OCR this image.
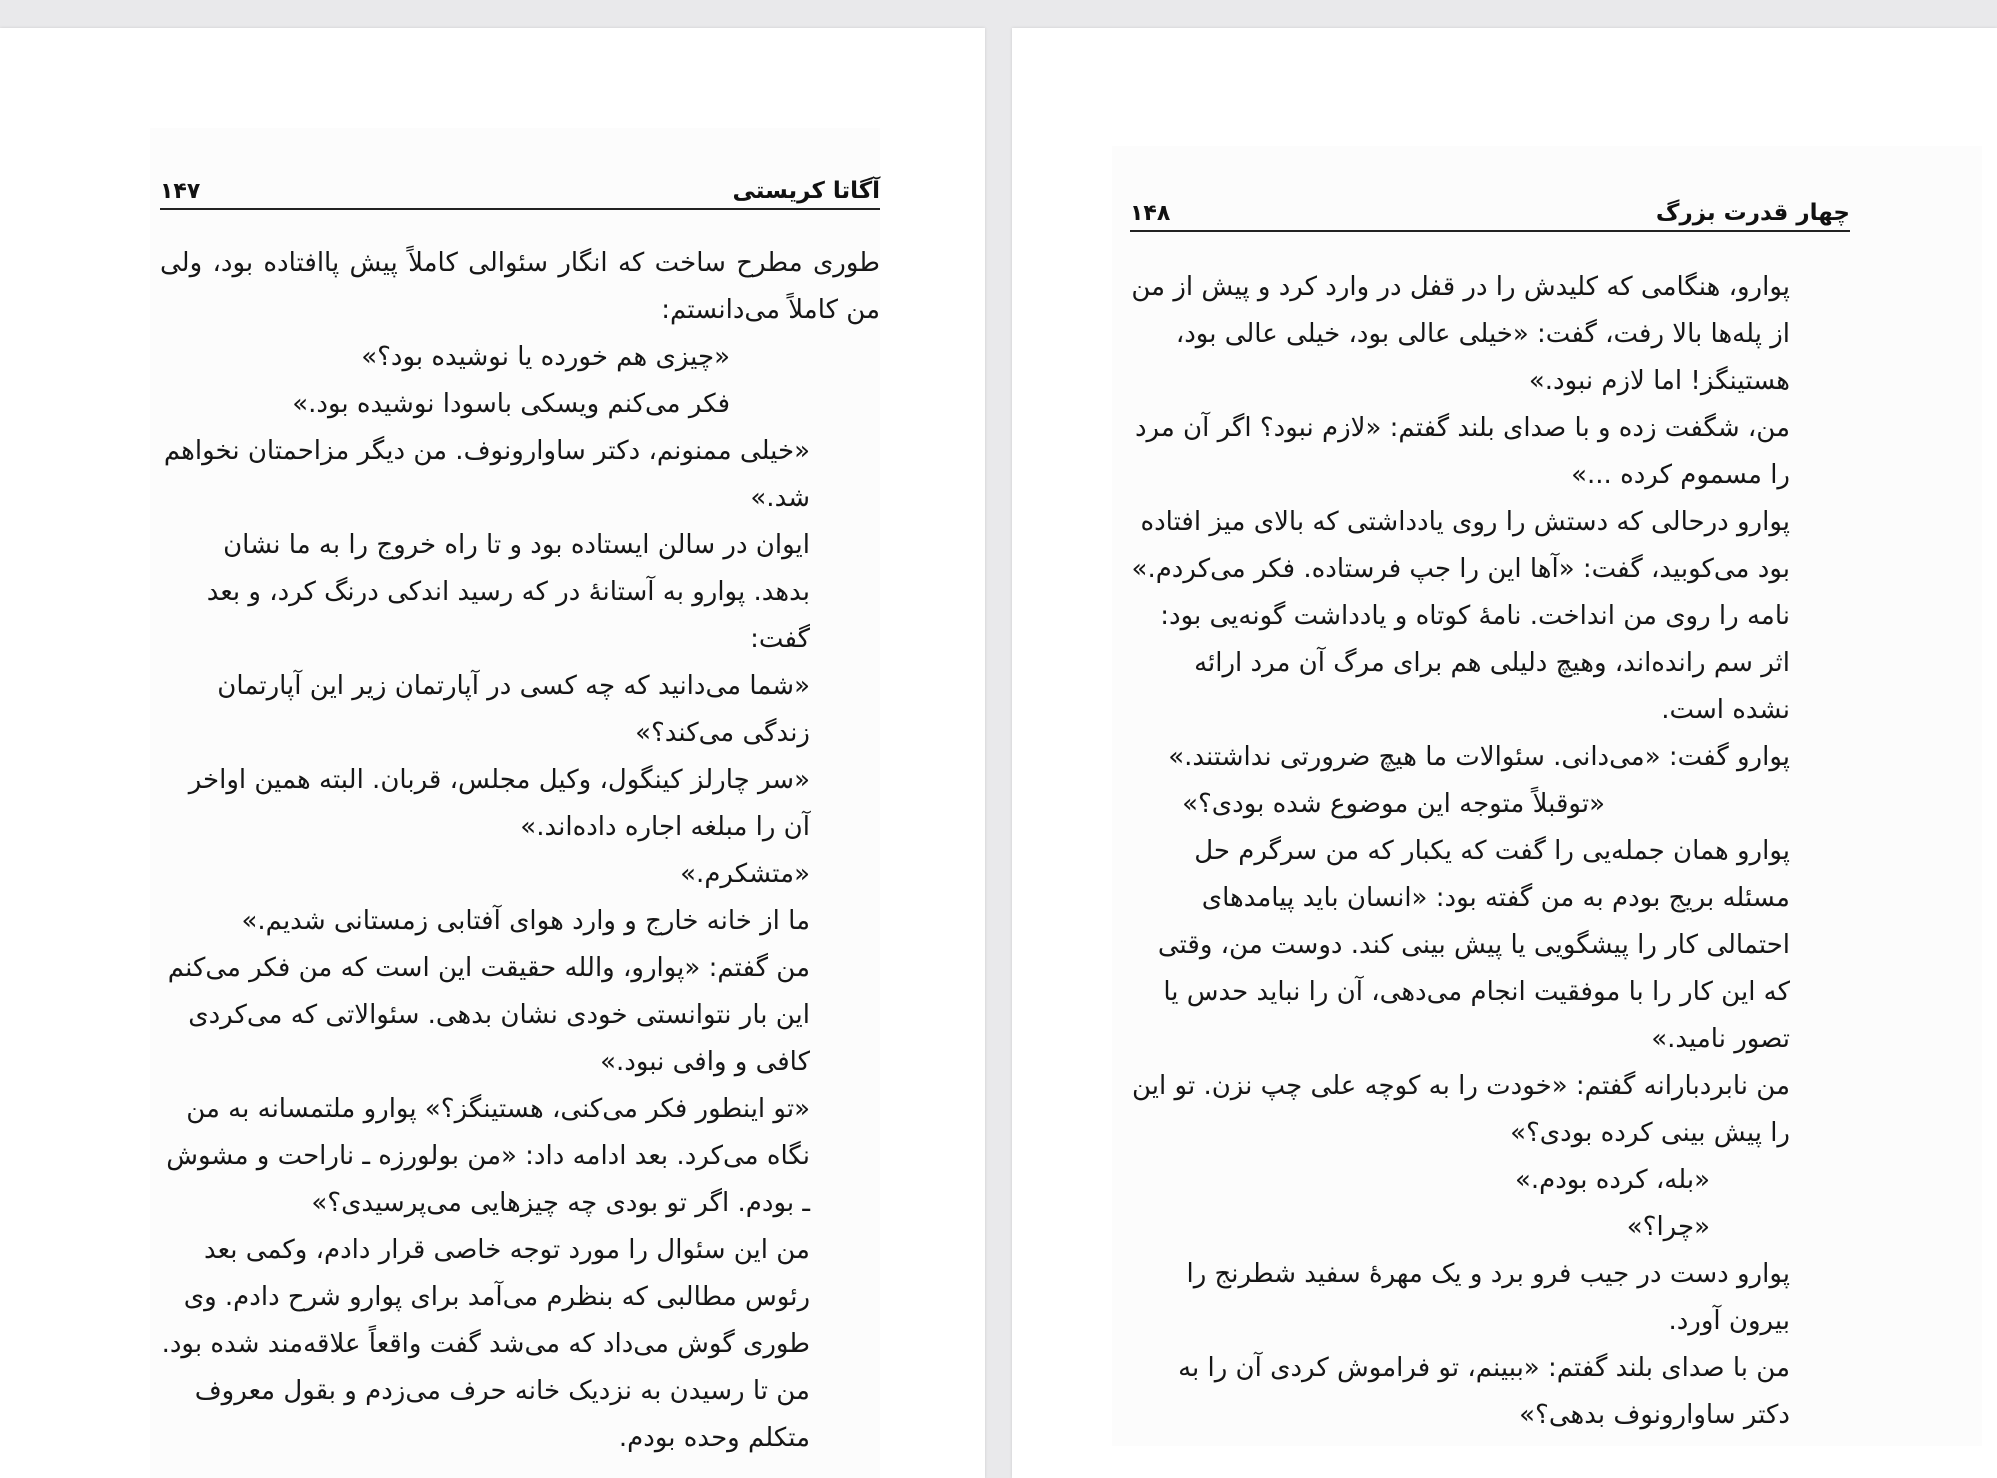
۱۴۷	آگاتا کریستی

طوری مطرح ساخت که انگار سئوالی کاملاً پیش پاافتاده بود، ولی من کاملاً می‌دانستم:

«چیزی هم خورده یا نوشیده بود؟»

فکر می‌کنم ویسکی باسودا نوشیده بود.»

«خیلی ممنونم، دکتر ساوارونوف. من دیگر مزاحمتان نخواهم شد.»

ایوان در سالن ایستاده بود و تا راه خروج را به ما نشان بدهد. پوارو به آستانهٔ در که رسید اندکی درنگ کرد، و بعد گفت:

«شما می‌دانید که چه کسی در آپارتمان زیر این آپارتمان زندگی می‌کند؟»

«سر چارلز کینگول، وکیل مجلس، قربان. البته همین اواخر آن را مبلغه اجاره داده‌اند.»

«متشکرم.»

ما از خانه خارج و وارد هوای آفتابی زمستانی شدیم.»

من گفتم: «پوارو، والله حقیقت این است که من فکر می‌کنم این بار نتوانستی خودی نشان بدهی. سئوالاتی که می‌کردی کافی و وافی نبود.»

«تو اینطور فکر می‌کنی، هستینگز؟» پوارو ملتمسانه به من نگاه می‌کرد. بعد ادامه داد: «من بولورزه ـ ناراحت و مشوش ـ بودم. اگر تو بودی چه چیزهایی می‌پرسیدی؟»

من این سئوال را مورد توجه خاصی قرار دادم، وکمی بعد رئوس مطالبی که بنظرم می‌آمد برای پوارو شرح دادم. وی طوری گوش می‌داد که می‌شد گفت واقعاً علاقه‌مند شده بود. من تا رسیدن به نزدیک خانه حرف می‌زدم و بقول معروف متکلم وحده بودم.

۱۴۸	چهار قدرت بزرگ

پوارو، هنگامی که کلیدش را در قفل در وارد کرد و پیش از من از پله‌ها بالا رفت، گفت: «خیلی عالی بود، خیلی عالی بود، هستینگز! اما لازم نبود.»

من، شگفت زده و با صدای بلند گفتم: «لازم نبود؟ اگر آن مرد را مسموم کرده ...»

پوارو درحالی که دستش را روی یادداشتی که بالای میز افتاده بود می‌کوبید، گفت: «آها این را جپ فرستاده. فکر می‌کردم.» نامه را روی من انداخت. نامهٔ کوتاه و یادداشت گونه‌یی بود: اثر سم رانده‌اند، وهیچ دلیلی هم برای مرگ آن مرد ارائه نشده است.

پوارو گفت: «می‌دانی. سئوالات ما هیچ ضرورتی نداشتند.»

«توقبلاً متوجه این موضوع شده بودی؟»

پوارو همان جمله‌یی را گفت که یکبار که من سرگرم حل مسئله بریج بودم به من گفته بود: «انسان باید پیامدهای احتمالی کار را پیشگویی یا پیش بینی کند. دوست من، وقتی که این کار را با موفقیت انجام می‌دهی، آن را نباید حدس یا تصور نامید.»

من نابردبارانه گفتم: «خودت را به کوچه علی چپ نزن. تو این را پیش بینی کرده بودی؟»

«بله، کرده بودم.»

«چرا؟»

پوارو دست در جیب فرو برد و یک مهرهٔ سفید شطرنج را بیرون آورد.

من با صدای بلند گفتم: «ببینم، تو فراموش کردی آن را به دکتر ساوارونوف بدهی؟»
